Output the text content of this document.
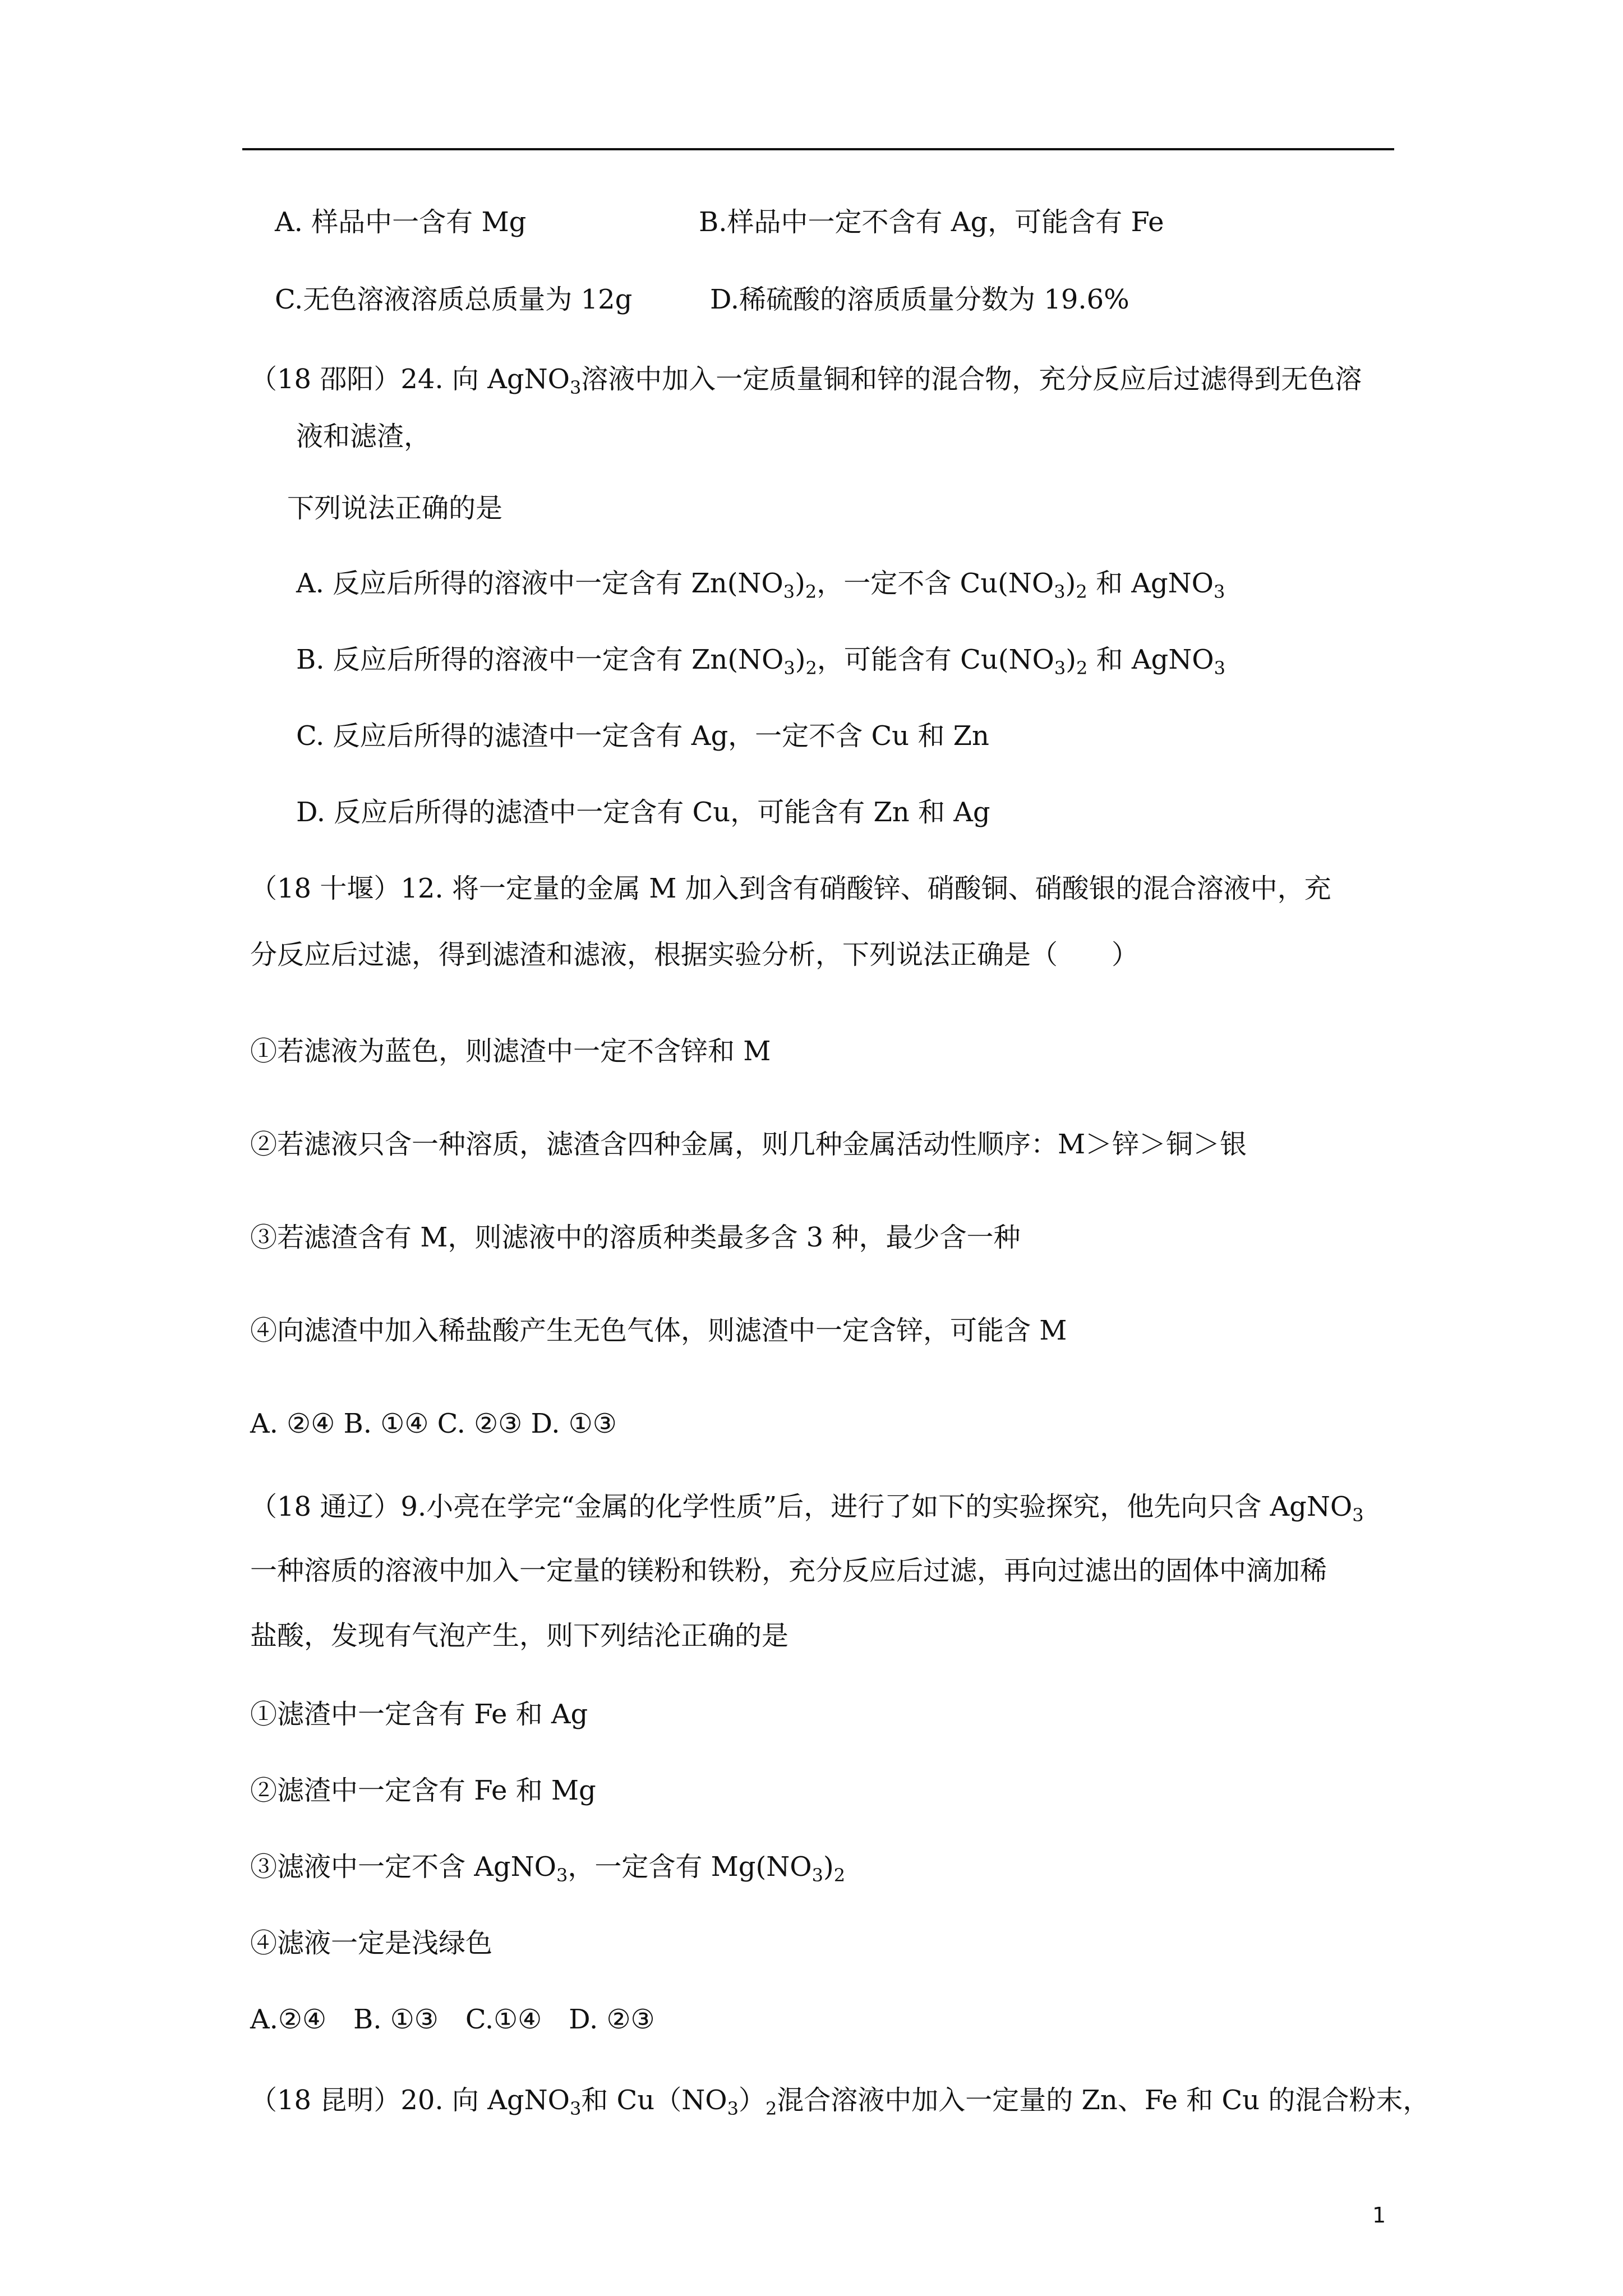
A. 样品中一含有 Mg	B.样品中一定不含有 Ag，可能含有 Fe
C.无色溶液溶质总质量为 12g	D.稀硫酸的溶质质量分数为 19.6%
（18 邵阳）24. 向 AgNO$_3$溶液中加入一定质量铜和锌的混合物，充分反应后过滤得到无色溶
液和滤渣，
下列说法正确的是
A. 反应后所得的溶液中一定含有 $Zn(NO_3)_2$，一定不含 $Cu(NO_3)_2$ 和 AgNO$_3$
B. 反应后所得的溶液中一定含有 $Zn(NO_3)_2$，可能含有 $Cu(NO_3)_2$ 和 AgNO$_3$
C. 反应后所得的滤渣中一定含有 Ag，一定不含 Cu 和 Zn
D. 反应后所得的滤渣中一定含有 Cu，可能含有 Zn 和 Ag
（18 十堰）12. 将一定量的金属 M 加入到含有硝酸锌、硝酸铜、硝酸银的混合溶液中，充
分反应后过滤，得到滤渣和滤液，根据实验分析，下列说法正确是（　　）
①若滤液为蓝色，则滤渣中一定不含锌和 M
②若滤液只含一种溶质，滤渣含四种金属，则几种金属活动性顺序：M＞锌＞铜＞银
③若滤渣含有 M，则滤液中的溶质种类最多含 3 种，最少含一种
④向滤渣中加入稀盐酸产生无色气体，则滤渣中一定含锌，可能含 M
A. ②④ B. ①④ C. ②③ D. ①③
（18 通辽）9.小亮在学完“金属的化学性质”后，进行了如下的实验探究，他先向只含 AgNO$_3$
一种溶质的溶液中加入一定量的镁粉和铁粉，充分反应后过滤，再向过滤出的固体中滴加稀
盐酸，发现有气泡产生，则下列结沦正确的是
①滤渣中一定含有 Fe 和 Ag
②滤渣中一定含有 Fe 和 Mg
③滤液中一定不含 AgNO$_3$，一定含有 $Mg(NO_3)_2$
④滤液一定是浅绿色
A.②④　B. ①③　C.①④　D. ②③
（18 昆明）20. 向 AgNO$_3$和 $Cu(NO_3)_2$混合溶液中加入一定量的 Zn、Fe 和 Cu 的混合粉末，
1
